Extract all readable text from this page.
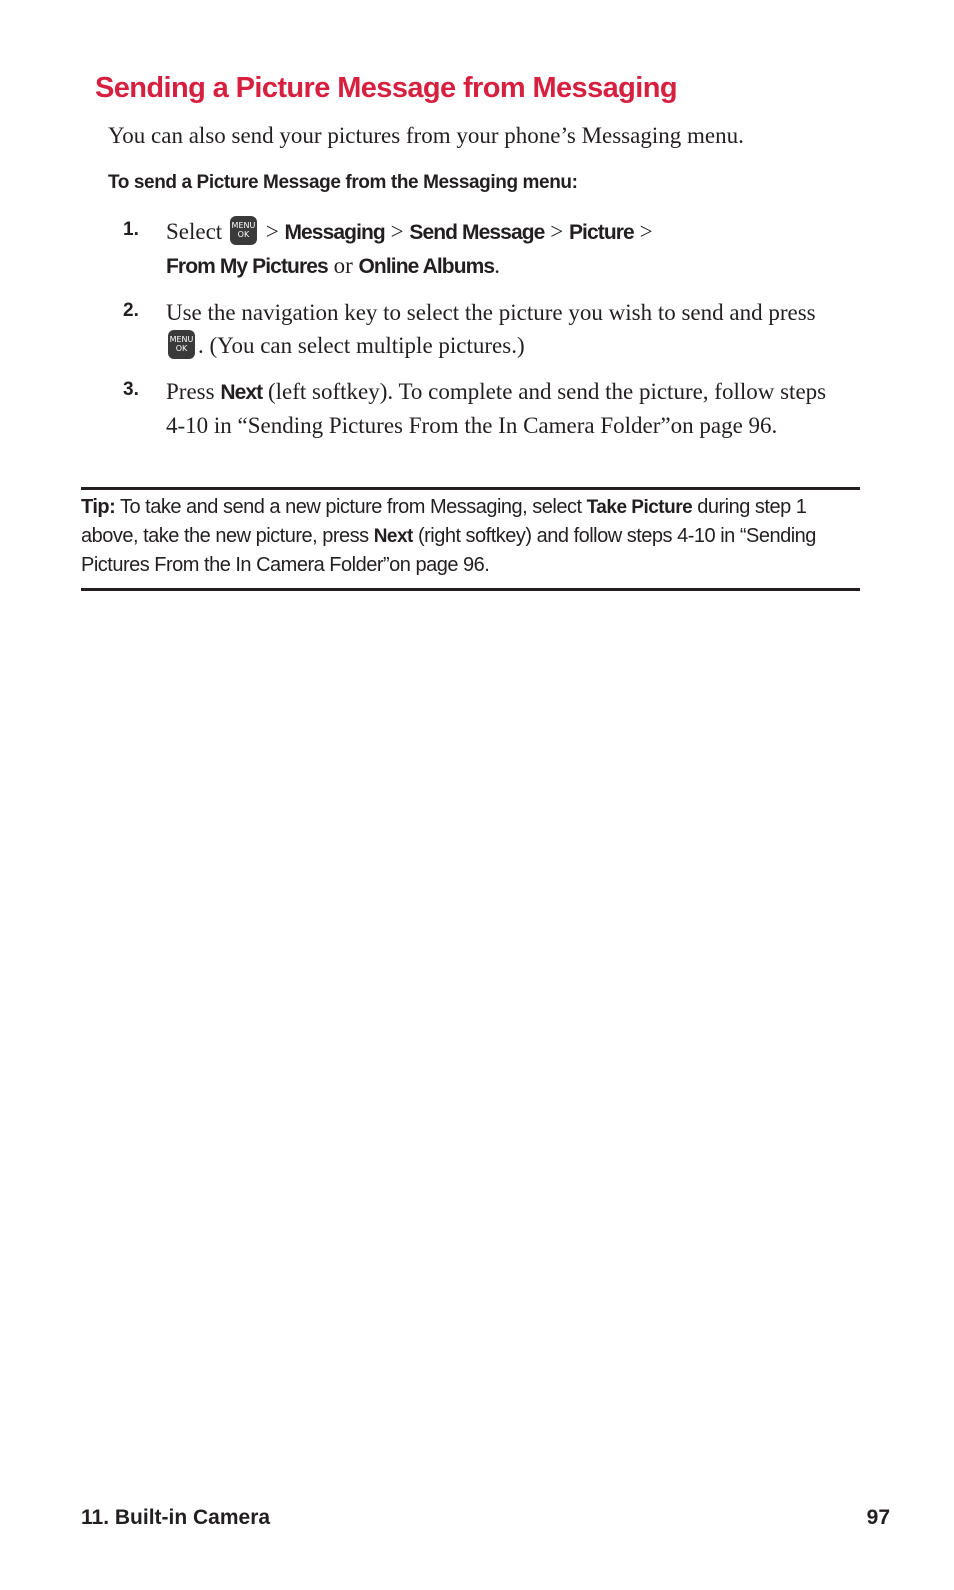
Sending a Picture Message from Messaging

You can also send your pictures from your phone’s Messaging menu.

To send a Picture Message from the Messaging menu:

1. Select MENU
OK > Messaging > Send Message > Picture >
From My Pictures or Online Albums.
2. Use the navigation key to select the picture you wish to send and press
MENU
OK . (You can select multiple pictures.)
3. Press Next (left softkey). To complete and send the picture, follow steps 4-10 in “Sending Pictures From the In Camera Folder”on page 96.

Tip: To take and send a new picture from Messaging, select Take Picture during step 1 above, take the new picture, press Next (right softkey) and follow steps 4-10 in “Sending Pictures From the In Camera Folder”on page 96.

11. Built-in Camera	97
